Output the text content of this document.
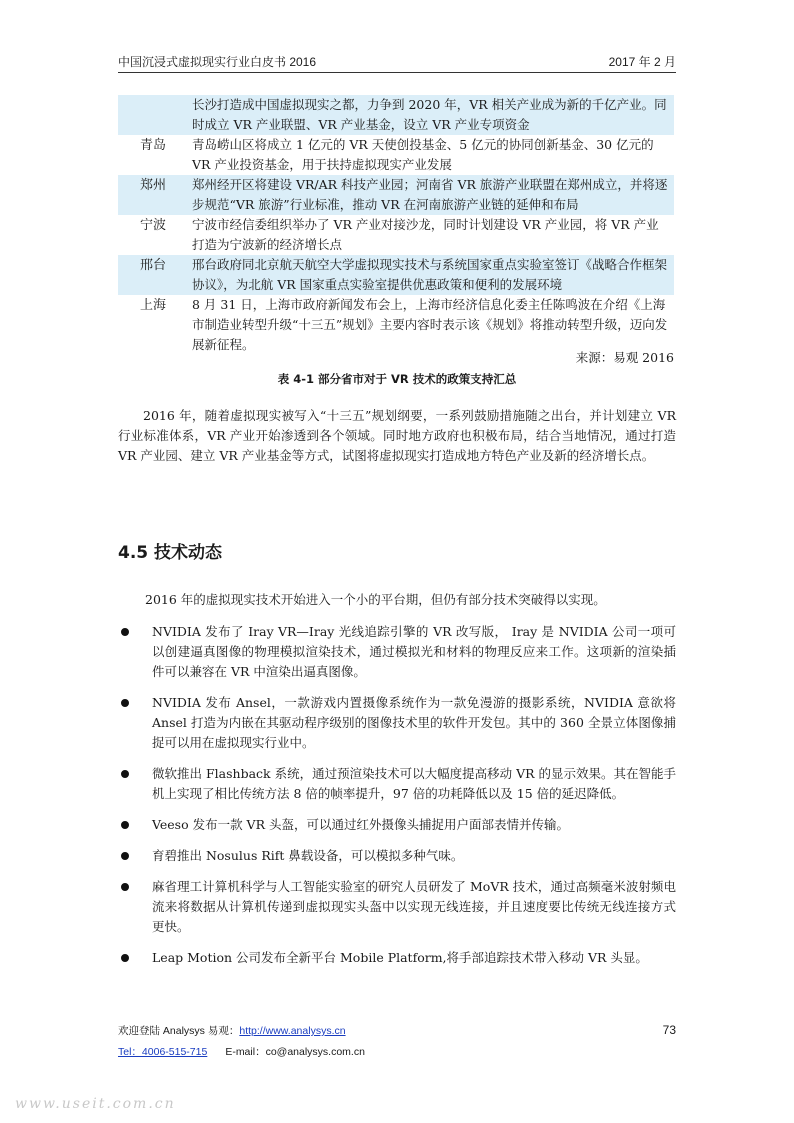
中国沉浸式虚拟现实行业白皮书 2016	2017 年 2 月
	长沙打造成中国虚拟现实之都，力争到 2020 年，VR 相关产业成为新的千亿产业。同时成立 VR 产业联盟、VR 产业基金，设立 VR 产业专项资金
青岛	青岛崂山区将成立 1 亿元的 VR 天使创投基金、5 亿元的协同创新基金、30 亿元的 VR 产业投资基金，用于扶持虚拟现实产业发展
郑州	郑州经开区将建设 VR/AR 科技产业园；河南省 VR 旅游产业联盟在郑州成立，并将逐步规范“VR 旅游”行业标准，推动 VR 在河南旅游产业链的延伸和布局
宁波	宁波市经信委组织举办了 VR 产业对接沙龙，同时计划建设 VR 产业园，将 VR 产业打造为宁波新的经济增长点
邢台	邢台政府同北京航天航空大学虚拟现实技术与系统国家重点实验室签订《战略合作框架协议》，为北航 VR 国家重点实验室提供优惠政策和便利的发展环境
上海	8 月 31 日，上海市政府新闻发布会上，上海市经济信息化委主任陈鸣波在介绍《上海市制造业转型升级“十三五”规划》主要内容时表示该《规划》将推动转型升级，迈向发展新征程。
来源：易观 2016
表 4-1 部分省市对于 VR 技术的政策支持汇总
2016 年，随着虚拟现实被写入“十三五”规划纲要，一系列鼓励措施随之出台，并计划建立 VR 行业标准体系，VR 产业开始渗透到各个领域。同时地方政府也积极布局，结合当地情况，通过打造 VR 产业园、建立 VR 产业基金等方式，试图将虚拟现实打造成地方特色产业及新的经济增长点。
4.5 技术动态
2016 年的虚拟现实技术开始进入一个小的平台期，但仍有部分技术突破得以实现。
NVIDIA 发布了 Iray VR—Iray 光线追踪引擎的 VR 改写版， Iray 是 NVIDIA 公司一项可以创建逼真图像的物理模拟渲染技术，通过模拟光和材料的物理反应来工作。这项新的渲染插件可以兼容在 VR 中渲染出逼真图像。
NVIDIA 发布 Ansel，一款游戏内置摄像系统作为一款免漫游的摄影系统，NVIDIA 意欲将 Ansel 打造为内嵌在其驱动程序级别的图像技术里的软件开发包。其中的 360 全景立体图像捕捉可以用在虚拟现实行业中。
微软推出 Flashback 系统，通过预渲染技术可以大幅度提高移动 VR 的显示效果。其在智能手机上实现了相比传统方法 8 倍的帧率提升，97 倍的功耗降低以及 15 倍的延迟降低。
Veeso 发布一款 VR 头盔，可以通过红外摄像头捕捉用户面部表情并传输。
育碧推出 Nosulus Rift 鼻载设备，可以模拟多种气味。
麻省理工计算机科学与人工智能实验室的研究人员研发了 MoVR 技术，通过高频毫米波射频电流来将数据从计算机传递到虚拟现实头盔中以实现无线连接，并且速度要比传统无线连接方式更快。
Leap Motion 公司发布全新平台 Mobile Platform,将手部追踪技术带入移动 VR 头显。
欢迎登陆 Analysys 易观：http://www.analysys.cn	73
Tel：4006-515-715 E-mail：co@analysys.com.cn
www.useit.com.cn
